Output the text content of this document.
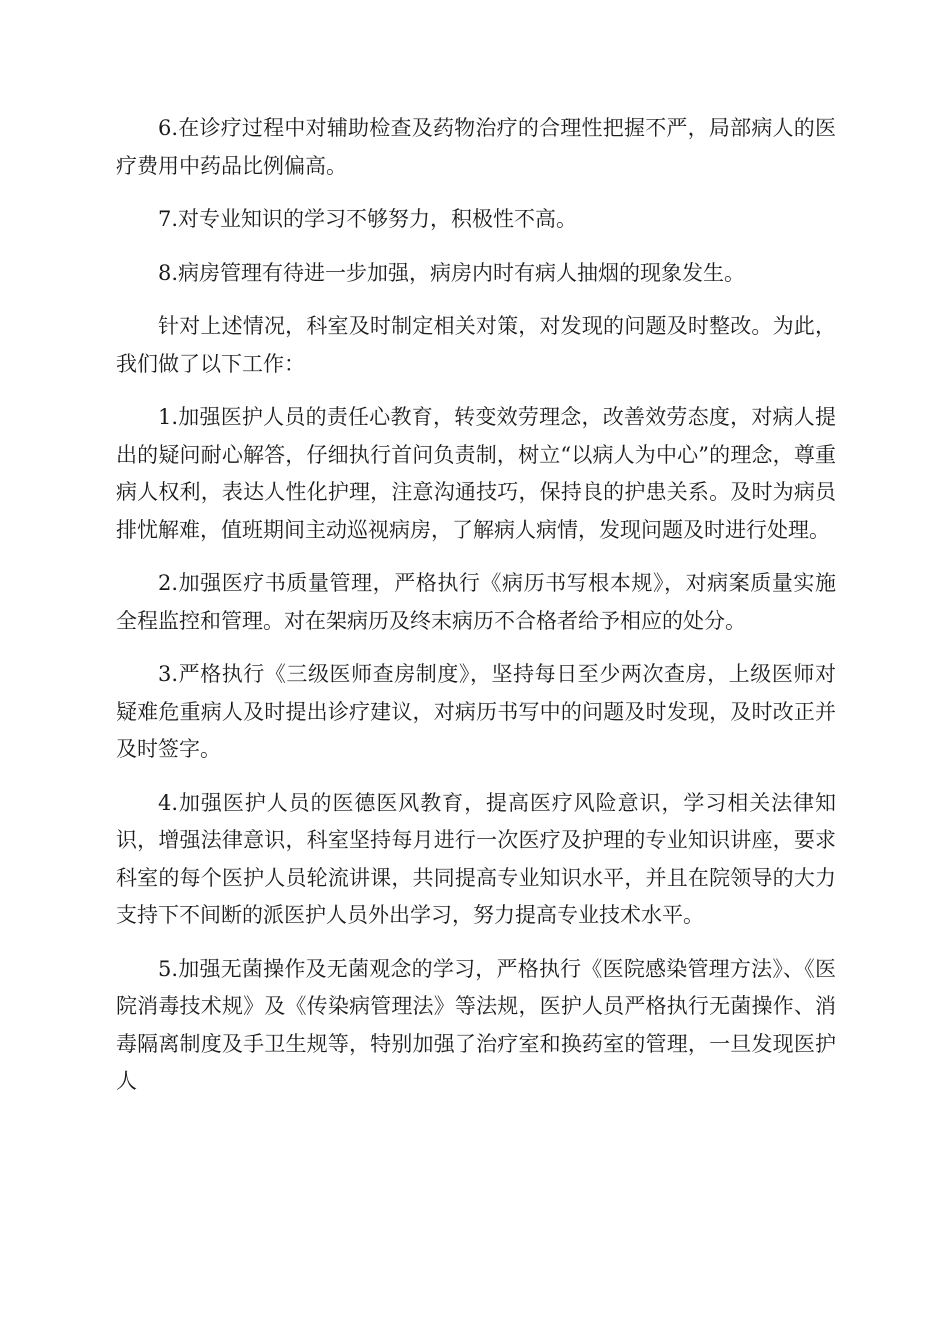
6.在诊疗过程中对辅助检查及药物治疗的合理性把握不严，局部病人的医疗费用中药品比例偏高。

7.对专业知识的学习不够努力，积极性不高。

8.病房管理有待进一步加强，病房内时有病人抽烟的现象发生。

针对上述情况，科室及时制定相关对策，对发现的问题及时整改。为此，我们做了以下工作：

1.加强医护人员的责任心教育，转变效劳理念，改善效劳态度，对病人提出的疑问耐心解答，仔细执行首问负责制，树立“以病人为中心”的理念，尊重病人权利，表达人性化护理，注意沟通技巧，保持良的护患关系。及时为病员排忧解难，值班期间主动巡视病房，了解病人病情，发现问题及时进行处理。

2.加强医疗书质量管理，严格执行《病历书写根本规》，对病案质量实施全程监控和管理。对在架病历及终末病历不合格者给予相应的处分。

3.严格执行《三级医师查房制度》，坚持每日至少两次查房，上级医师对疑难危重病人及时提出诊疗建议，对病历书写中的问题及时发现，及时改正并及时签字。

4.加强医护人员的医德医风教育，提高医疗风险意识，学习相关法律知识，增强法律意识，科室坚持每月进行一次医疗及护理的专业知识讲座，要求科室的每个医护人员轮流讲课，共同提高专业知识水平，并且在院领导的大力支持下不间断的派医护人员外出学习，努力提高专业技术水平。

5.加强无菌操作及无菌观念的学习，严格执行《医院感染管理方法》、《医院消毒技术规》及《传染病管理法》等法规，医护人员严格执行无菌操作、消毒隔离制度及手卫生规等，特别加强了治疗室和换药室的管理，一旦发现医护人
